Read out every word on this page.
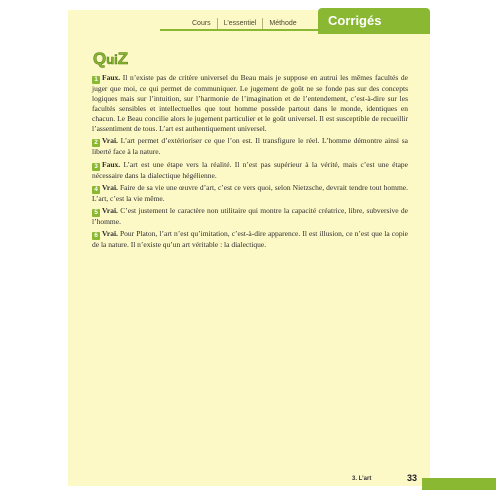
Cours	L’essentiel	Méthode	Corrigés
QuiZ

1 Faux. Il n’existe pas de critère universel du Beau mais je suppose en autrui les mêmes facultés de juger que moi, ce qui permet de communiquer. Le jugement de goût ne se fonde pas sur des concepts logiques mais sur l’intuition, sur l’harmonie de l’imagination et de l’entendement, c’est-à-dire sur les facultés sensibles et intellectuelles que tout homme possède partout dans le monde, identiques en chacun. Le Beau concilie alors le jugement particulier et le goût universel. Il est susceptible de recueillir l’assentiment de tous. L’art est authentiquement universel.

2 Vrai. L’art permet d’extérioriser ce que l’on est. Il transfigure le réel. L’homme démontre ainsi sa liberté face à la nature.

3 Faux. L’art est une étape vers la réalité. Il n’est pas supérieur à la vérité, mais c’est une étape nécessaire dans la dialectique hégélienne.

4 Vrai. Faire de sa vie une œuvre d’art, c’est ce vers quoi, selon Nietzsche, devrait tendre tout homme. L’art, c’est la vie même.

5 Vrai. C’est justement le caractère non utilitaire qui montre la capacité créatrice, libre, subversive de l’homme.

6 Vrai. Pour Platon, l’art n’est qu’imitation, c’est-à-dire apparence. Il est illusion, ce n’est que la copie de la nature. Il n’existe qu’un art véritable : la dialectique.

3. L’art	33
